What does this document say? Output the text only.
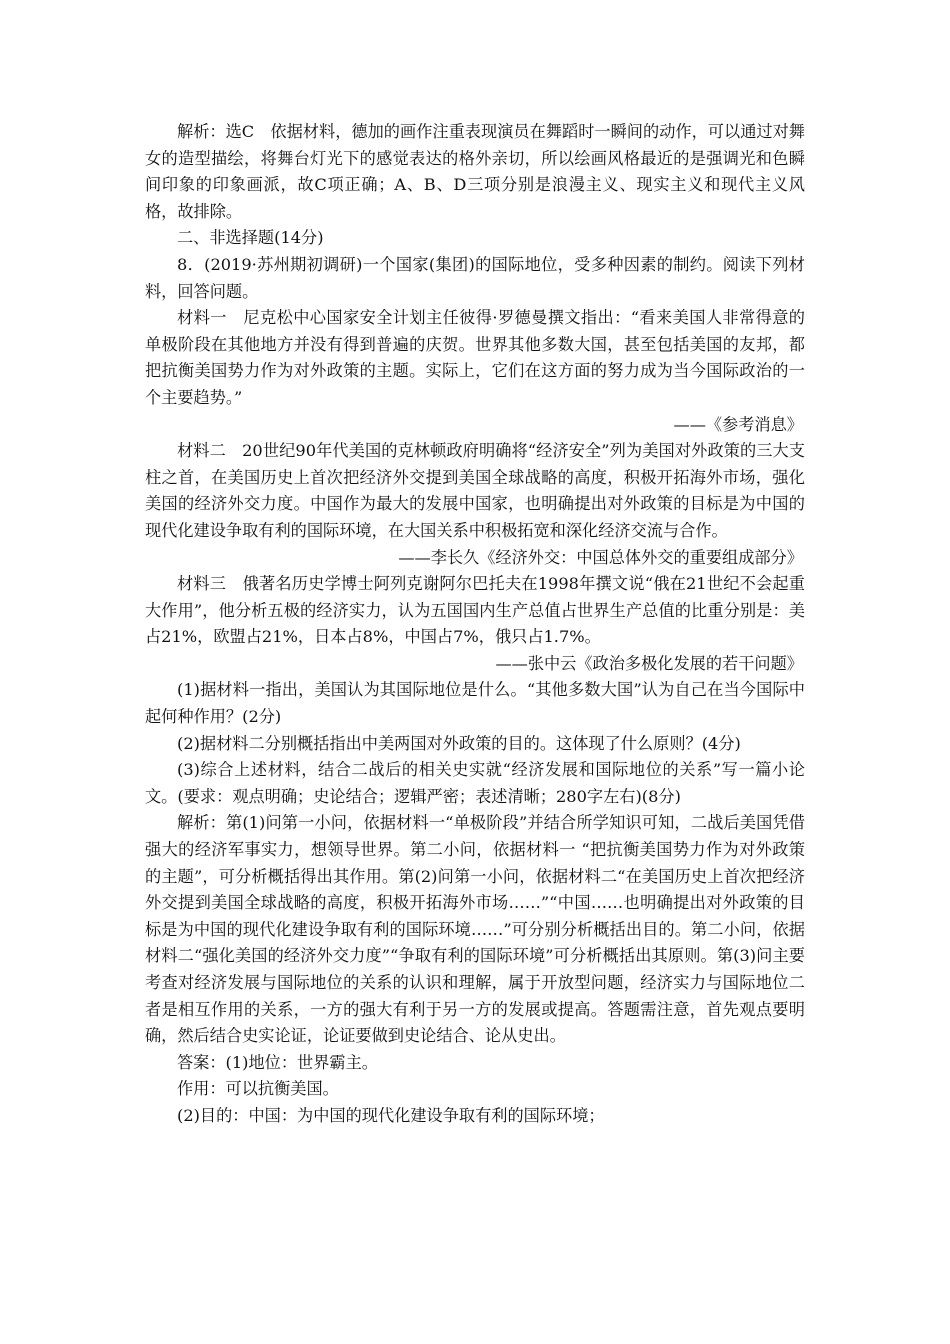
解析：选C　依据材料，德加的画作注重表现演员在舞蹈时一瞬间的动作，可以通过对舞女的造型描绘，将舞台灯光下的感觉表达的格外亲切，所以绘画风格最近的是强调光和色瞬间印象的印象画派，故C项正确；A、B、D三项分别是浪漫主义、现实主义和现代主义风格，故排除。

二、非选择题(14分)

8．(2019·苏州期初调研)一个国家(集团)的国际地位，受多种因素的制约。阅读下列材料，回答问题。

材料一　尼克松中心国家安全计划主任彼得·罗德曼撰文指出：“看来美国人非常得意的单极阶段在其他地方并没有得到普遍的庆贺。世界其他多数大国，甚至包括美国的友邦，都把抗衡美国势力作为对外政策的主题。实际上，它们在这方面的努力成为当今国际政治的一个主要趋势。”

——《参考消息》

材料二　20世纪90年代美国的克林顿政府明确将“经济安全”列为美国对外政策的三大支柱之首，在美国历史上首次把经济外交提到美国全球战略的高度，积极开拓海外市场，强化美国的经济外交力度。中国作为最大的发展中国家，也明确提出对外政策的目标是为中国的现代化建设争取有利的国际环境，在大国关系中积极拓宽和深化经济交流与合作。

——李长久《经济外交：中国总体外交的重要组成部分》

材料三　俄著名历史学博士阿列克谢阿尔巴托夫在1998年撰文说“俄在21世纪不会起重大作用”，他分析五极的经济实力，认为五国国内生产总值占世界生产总值的比重分别是：美占21%，欧盟占21%，日本占8%，中国占7%，俄只占1.7%。

——张中云《政治多极化发展的若干问题》

(1)据材料一指出，美国认为其国际地位是什么。“其他多数大国”认为自己在当今国际中起何种作用？(2分)

(2)据材料二分别概括指出中美两国对外政策的目的。这体现了什么原则？(4分)

(3)综合上述材料，结合二战后的相关史实就“经济发展和国际地位的关系”写一篇小论文。(要求：观点明确；史论结合；逻辑严密；表述清晰；280字左右)(8分)

解析：第(1)问第一小问，依据材料一“单极阶段”并结合所学知识可知，二战后美国凭借强大的经济军事实力，想领导世界。第二小问，依据材料一 “把抗衡美国势力作为对外政策的主题”，可分析概括得出其作用。第(2)问第一小问，依据材料二“在美国历史上首次把经济外交提到美国全球战略的高度，积极开拓海外市场……”“中国……也明确提出对外政策的目标是为中国的现代化建设争取有利的国际环境……”可分别分析概括出目的。第二小问，依据材料二“强化美国的经济外交力度”“争取有利的国际环境”可分析概括出其原则。第(3)问主要考查对经济发展与国际地位的关系的认识和理解，属于开放型问题，经济实力与国际地位二者是相互作用的关系，一方的强大有利于另一方的发展或提高。答题需注意，首先观点要明确，然后结合史实论证，论证要做到史论结合、论从史出。

答案：(1)地位：世界霸主。

作用：可以抗衡美国。

(2)目的：中国：为中国的现代化建设争取有利的国际环境；
